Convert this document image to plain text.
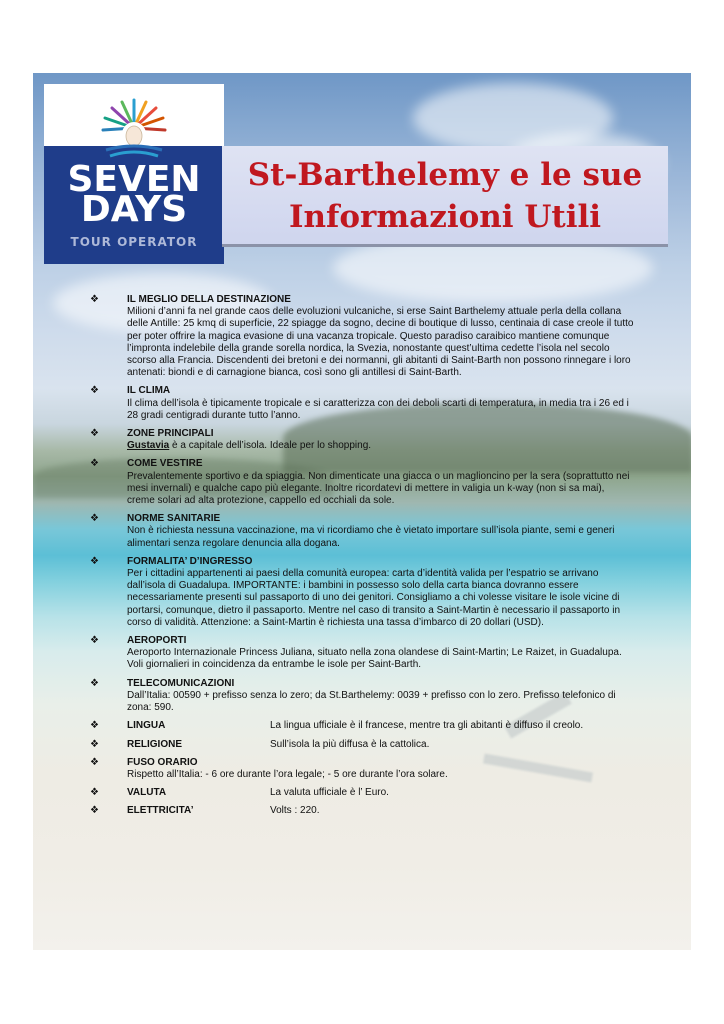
SEVEN
DAYS
TOUR OPERATOR
St-Barthelemy e le sue
Informazioni Utili
❖	IL MEGLIO DELLA DESTINAZIONE
Milioni d’anni fa nel grande caos delle evoluzioni vulcaniche, si erse Saint Barthelemy attuale perla della collana delle Antille: 25 kmq di superficie, 22 spiagge da sogno, decine di boutique di lusso, centinaia di case creole il tutto per poter offrire la magica evasione di una vacanza tropicale. Questo paradiso caraibico mantiene comunque l’impronta indelebile della grande sorella nordica, la Svezia, nonostante quest’ultima cedette l’isola nel secolo scorso alla Francia. Discendenti dei bretoni e dei normanni, gli abitanti di Saint-Barth non possono rinnegare i loro antenati: biondi e di carnagione bianca, così sono gli antillesi di Saint-Barth.
❖	IL CLIMA
Il clima dell’isola è tipicamente tropicale e si caratterizza con dei deboli scarti di temperatura, in media tra i 26 ed i 28 gradi centigradi durante tutto l’anno.
❖	ZONE PRINCIPALI
Gustavia è a capitale dell’isola. Ideale per lo shopping.
❖	COME VESTIRE
Prevalentemente sportivo e da spiaggia. Non dimenticate una giacca o un maglioncino per la sera (soprattutto nei mesi invernali) e qualche capo più elegante. Inoltre ricordatevi di mettere in valigia un k-way (non si sa mai), creme solari ad alta protezione, cappello ed occhiali da sole.
❖	NORME SANITARIE
Non è richiesta nessuna vaccinazione, ma vi ricordiamo che è vietato importare sull’isola piante, semi e generi alimentari senza regolare denuncia alla dogana.
❖	FORMALITA’ D’INGRESSO
Per i cittadini appartenenti ai paesi della comunità europea: carta d’identità valida per l’espatrio se arrivano dall’isola di Guadalupa. IMPORTANTE: i bambini in possesso solo della carta bianca dovranno essere necessariamente presenti sul passaporto di uno dei genitori. Consigliamo a chi volesse visitare le isole vicine di portarsi, comunque, dietro il passaporto. Mentre nel caso di transito a Saint-Martin è necessario il passaporto in corso di validità. Attenzione: a Saint-Martin è richiesta una tassa d’imbarco di 20 dollari (USD).
❖	AEROPORTI
Aeroporto Internazionale Princess Juliana, situato nella zona olandese di Saint-Martin; Le Raizet, in Guadalupa. Voli giornalieri in coincidenza da entrambe le isole per Saint-Barth.
❖	TELECOMUNICAZIONI
Dall’Italia: 00590 + prefisso senza lo zero; da St.Barthelemy: 0039 + prefisso con lo zero. Prefisso telefonico di zona: 590.
❖	LINGUA	La lingua ufficiale è il francese, mentre tra gli abitanti è diffuso il creolo.
❖	RELIGIONE	Sull’isola la più diffusa è la cattolica.
❖	FUSO ORARIO
Rispetto all’Italia: - 6 ore durante l’ora legale; - 5 ore durante l’ora solare.
❖	VALUTA	La valuta ufficiale è l’ Euro.
❖	ELETTRICITA’	Volts : 220.
